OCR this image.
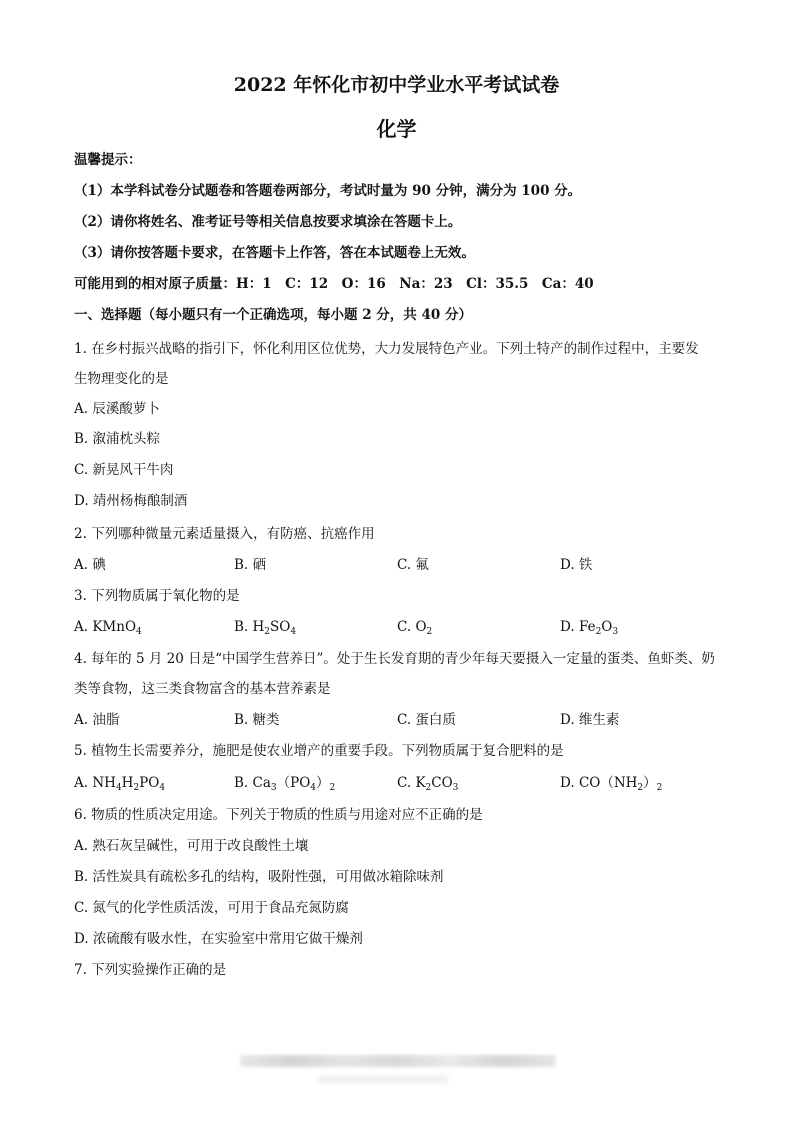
2022 年怀化市初中学业水平考试试卷
化学
温馨提示：
（1）本学科试卷分试题卷和答题卷两部分，考试时量为 90 分钟，满分为 100 分。
（2）请你将姓名、准考证号等相关信息按要求填涂在答题卡上。
（3）请你按答题卡要求，在答题卡上作答，答在本试题卷上无效。
可能用到的相对原子质量：H：1　C：12　O：16　Na：23　Cl：35.5　Ca：40
一、选择题（每小题只有一个正确选项，每小题 2 分，共 40 分）
1. 在乡村振兴战略的指引下，怀化利用区位优势，大力发展特色产业。下列土特产的制作过程中，主要发
生物理变化的是
A. 辰溪酸萝卜
B. 溆浦枕头粽
C. 新晃风干牛肉
D. 靖州杨梅酿制酒
2. 下列哪种微量元素适量摄入，有防癌、抗癌作用
A. 碘	B. 硒	C. 氟	D. 铁
3. 下列物质属于氧化物的是
A. KMnO$_4$	B. $H_2SO_4$	C. $O_2$	D. $Fe_2O_3$
4. 每年的 5 月 20 日是“中国学生营养日”。处于生长发育期的青少年每天要摄入一定量的蛋类、鱼虾类、奶
类等食物，这三类食物富含的基本营养素是
A. 油脂	B. 糖类	C. 蛋白质	D. 维生素
5. 植物生长需要养分，施肥是使农业增产的重要手段。下列物质属于复合肥料的是
A. $NH_4H_2PO_4$	B. $Ca_3(PO_4)_2$	C. $K_2CO_3$	D. $CO(NH_2)_2$
6. 物质的性质决定用途。下列关于物质的性质与用途对应不正确的是
A. 熟石灰呈碱性，可用于改良酸性土壤
B. 活性炭具有疏松多孔的结构，吸附性强，可用做冰箱除味剂
C. 氮气的化学性质活泼，可用于食品充氮防腐
D. 浓硫酸有吸水性，在实验室中常用它做干燥剂
7. 下列实验操作正确的是
